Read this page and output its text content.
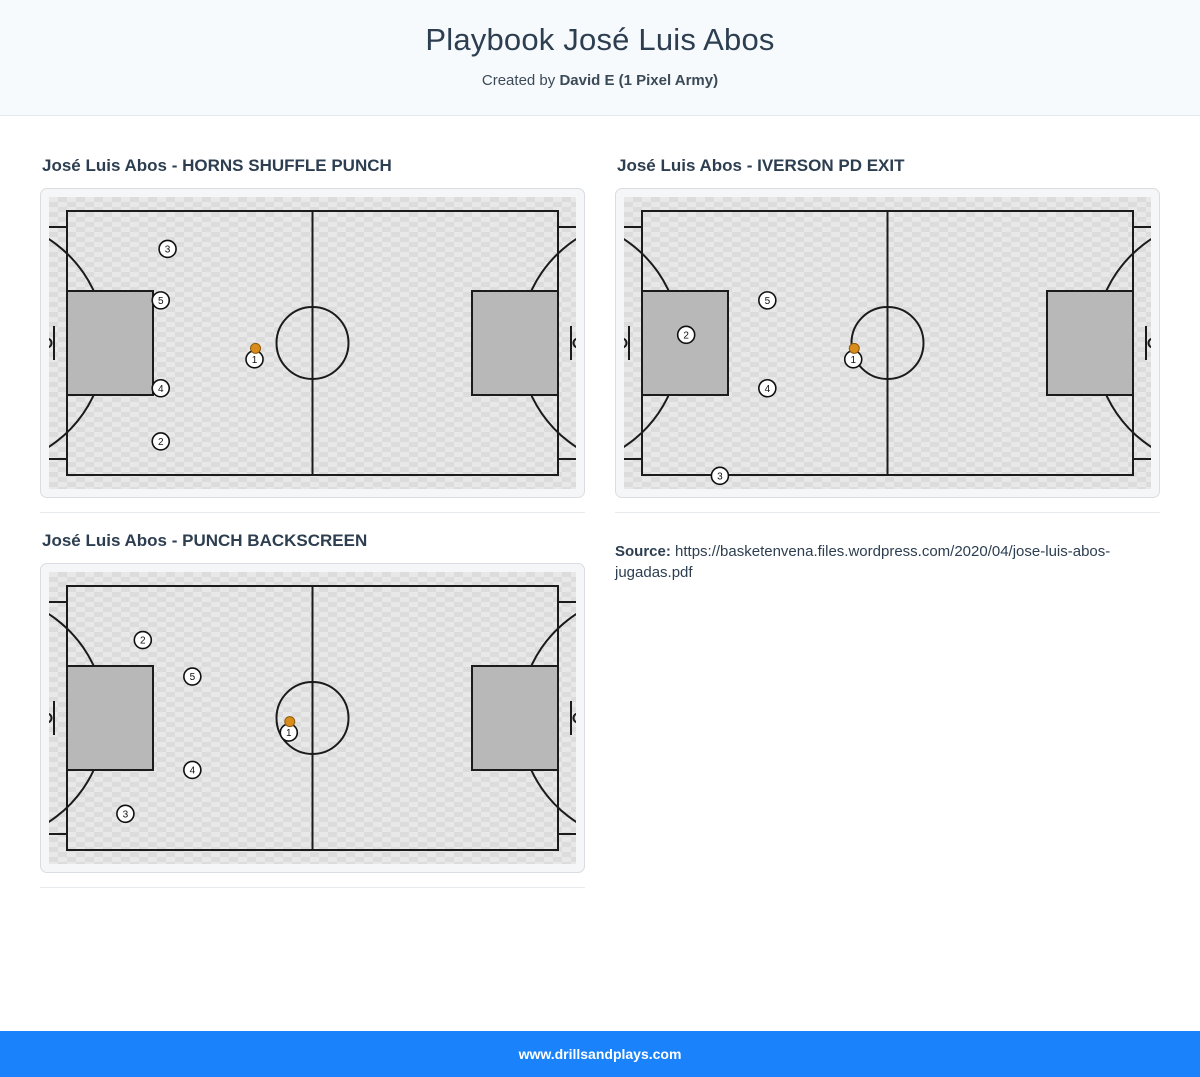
Playbook José Luis Abos
Created by David E (1 Pixel Army)
José Luis Abos - HORNS SHUFFLE PUNCH
3
5
4
2
1
José Luis Abos - IVERSON PD EXIT
5
2
4
3
1
José Luis Abos - PUNCH BACKSCREEN
2
5
4
3
1
Source: https://basketenvena.files.wordpress.com/2020/04/jose-luis-abos-jugadas.pdf
www.drillsandplays.com
